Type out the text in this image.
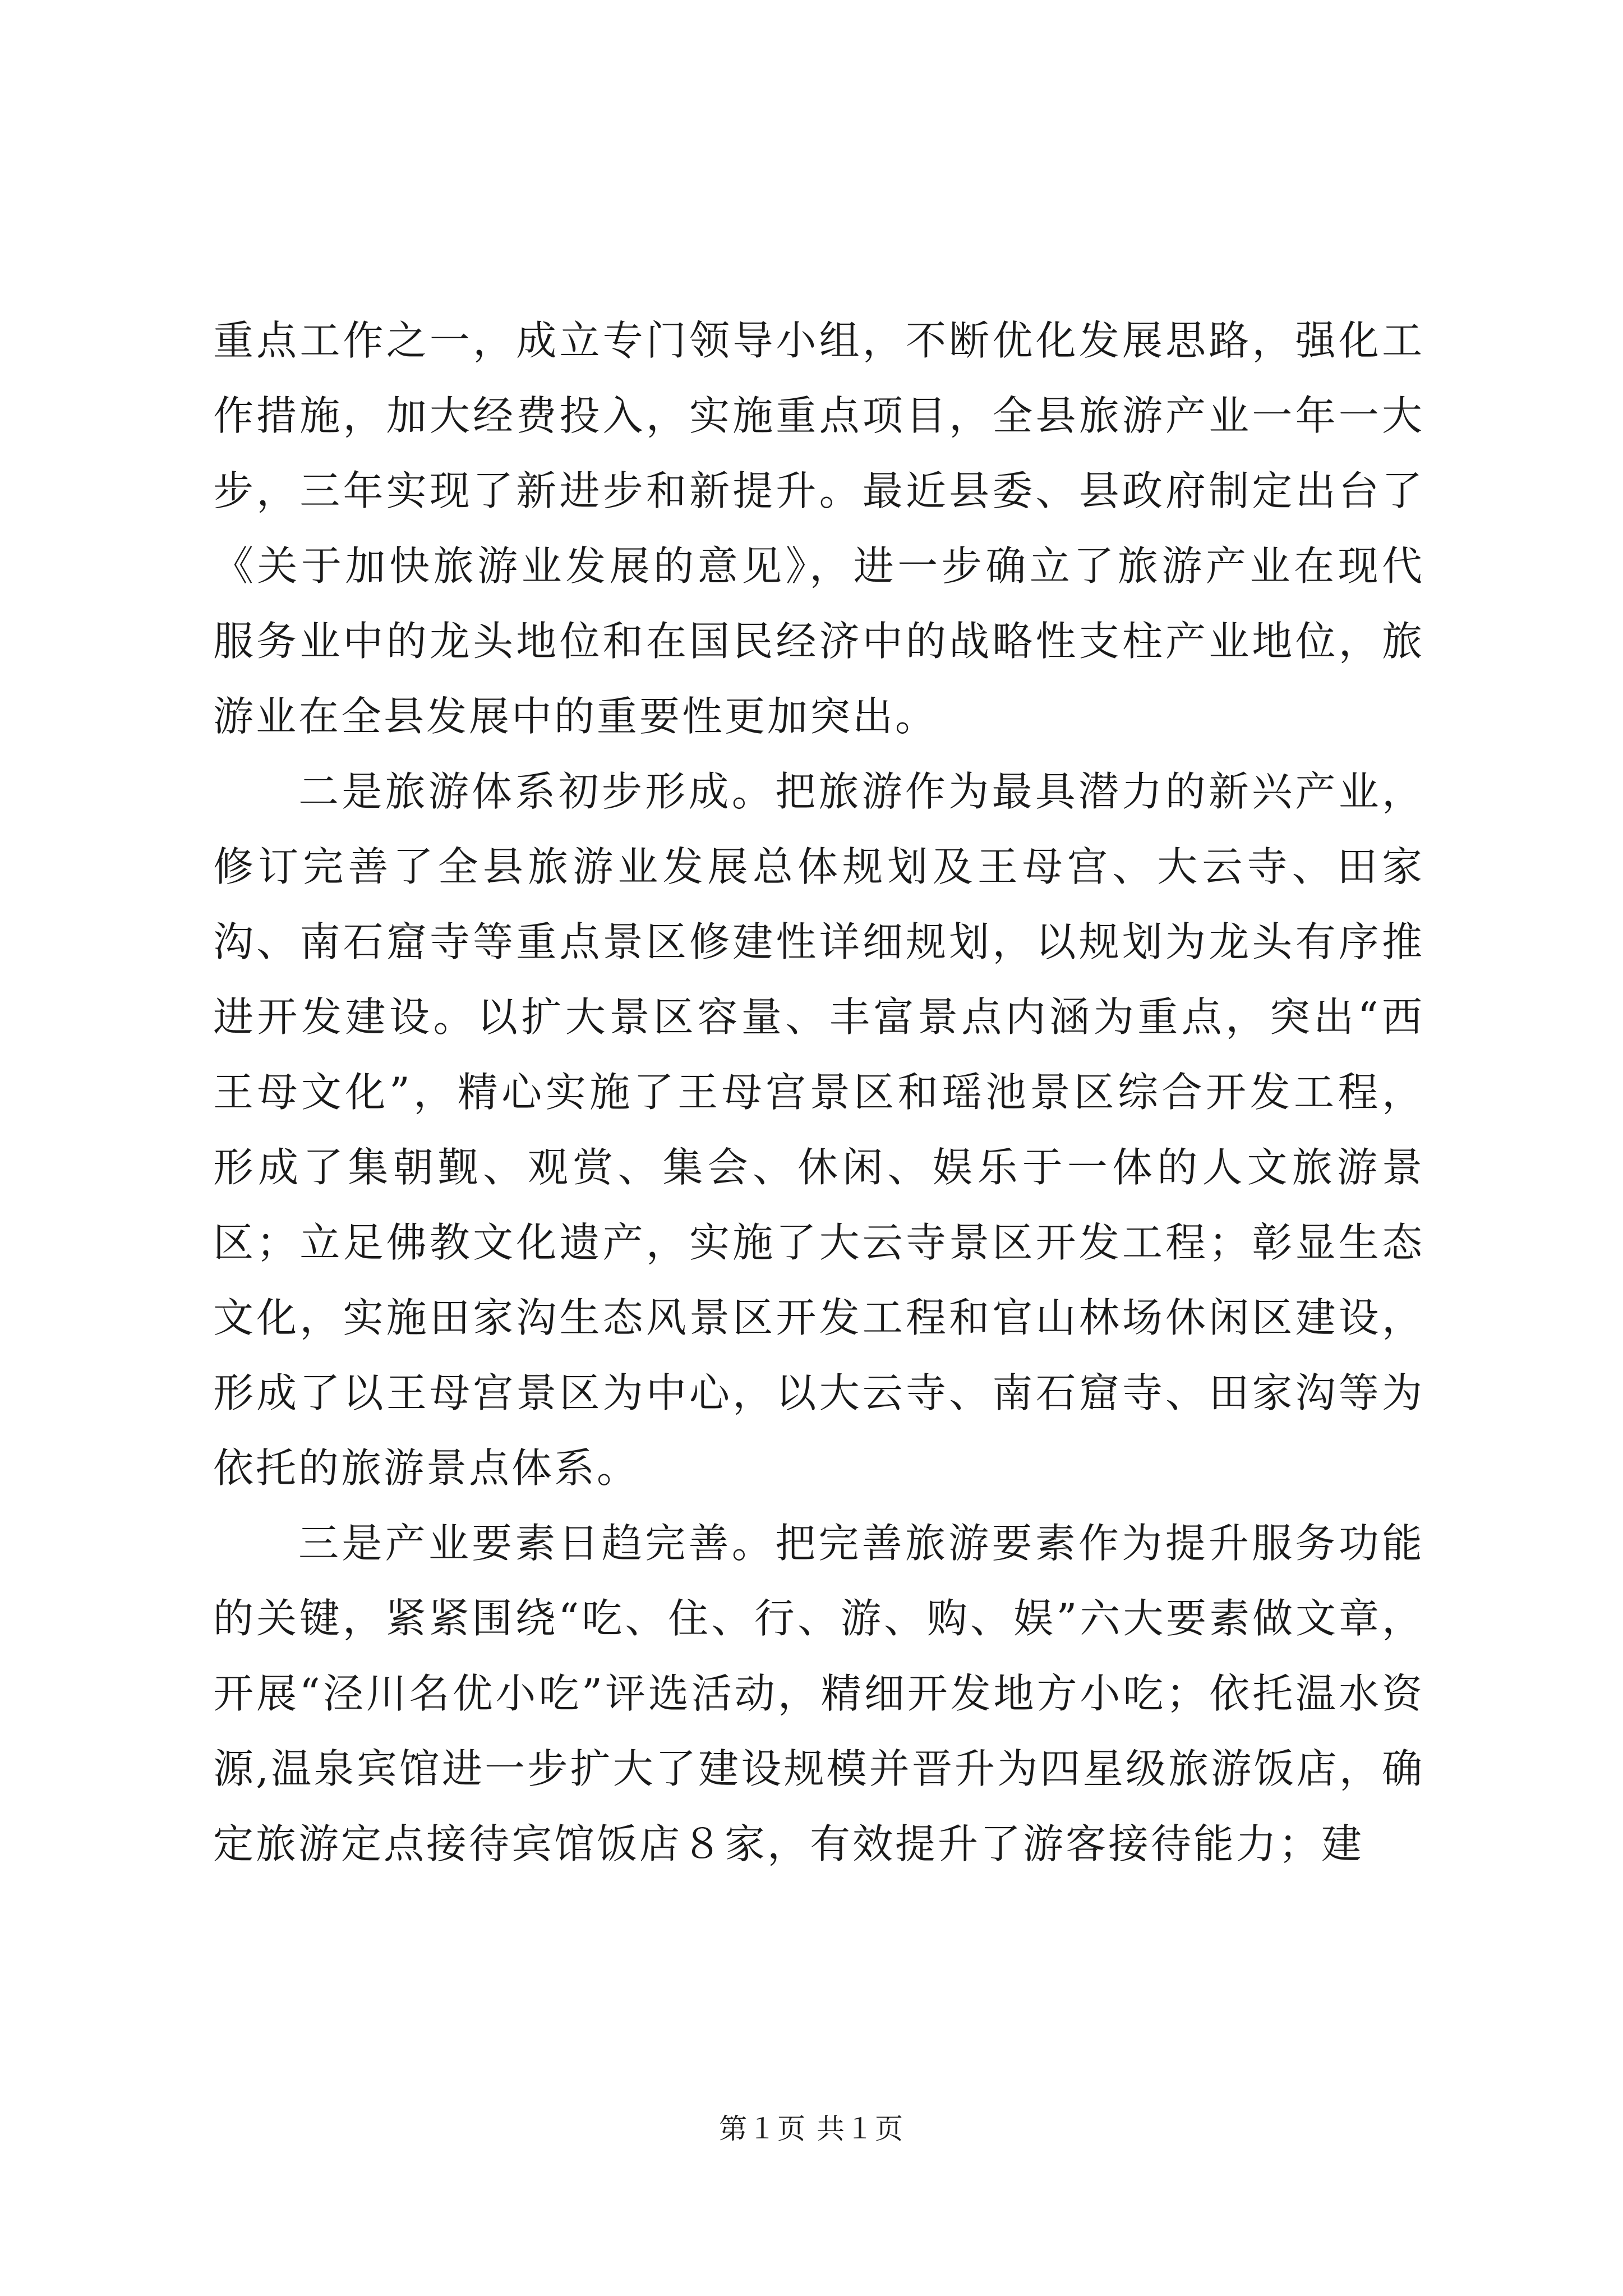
重点工作之一，成立专门领导小组，不断优化发展思路，强化工作措施，加大经费投入，实施重点项目，全县旅游产业一年一大步，三年实现了新进步和新提升。最近县委、县政府制定出台了《关于加快旅游业发展的意见》，进一步确立了旅游产业在现代服务业中的龙头地位和在国民经济中的战略性支柱产业地位，旅游业在全县发展中的重要性更加突出。

二是旅游体系初步形成。把旅游作为最具潜力的新兴产业，修订完善了全县旅游业发展总体规划及王母宫、大云寺、田家沟、南石窟寺等重点景区修建性详细规划，以规划为龙头有序推进开发建设。以扩大景区容量、丰富景点内涵为重点，突出“西王母文化”，精心实施了王母宫景区和瑶池景区综合开发工程，形成了集朝觐、观赏、集会、休闲、娱乐于一体的人文旅游景区；立足佛教文化遗产，实施了大云寺景区开发工程；彰显生态文化，实施田家沟生态风景区开发工程和官山林场休闲区建设，形成了以王母宫景区为中心，以大云寺、南石窟寺、田家沟等为依托的旅游景点体系。

三是产业要素日趋完善。把完善旅游要素作为提升服务功能的关键，紧紧围绕“吃、住、行、游、购、娱”六大要素做文章，开展“泾川名优小吃”评选活动，精细开发地方小吃；依托温水资源,温泉宾馆进一步扩大了建设规模并晋升为四星级旅游饭店，确定旅游定点接待宾馆饭店８家，有效提升了游客接待能力；建

第１页 共１页
